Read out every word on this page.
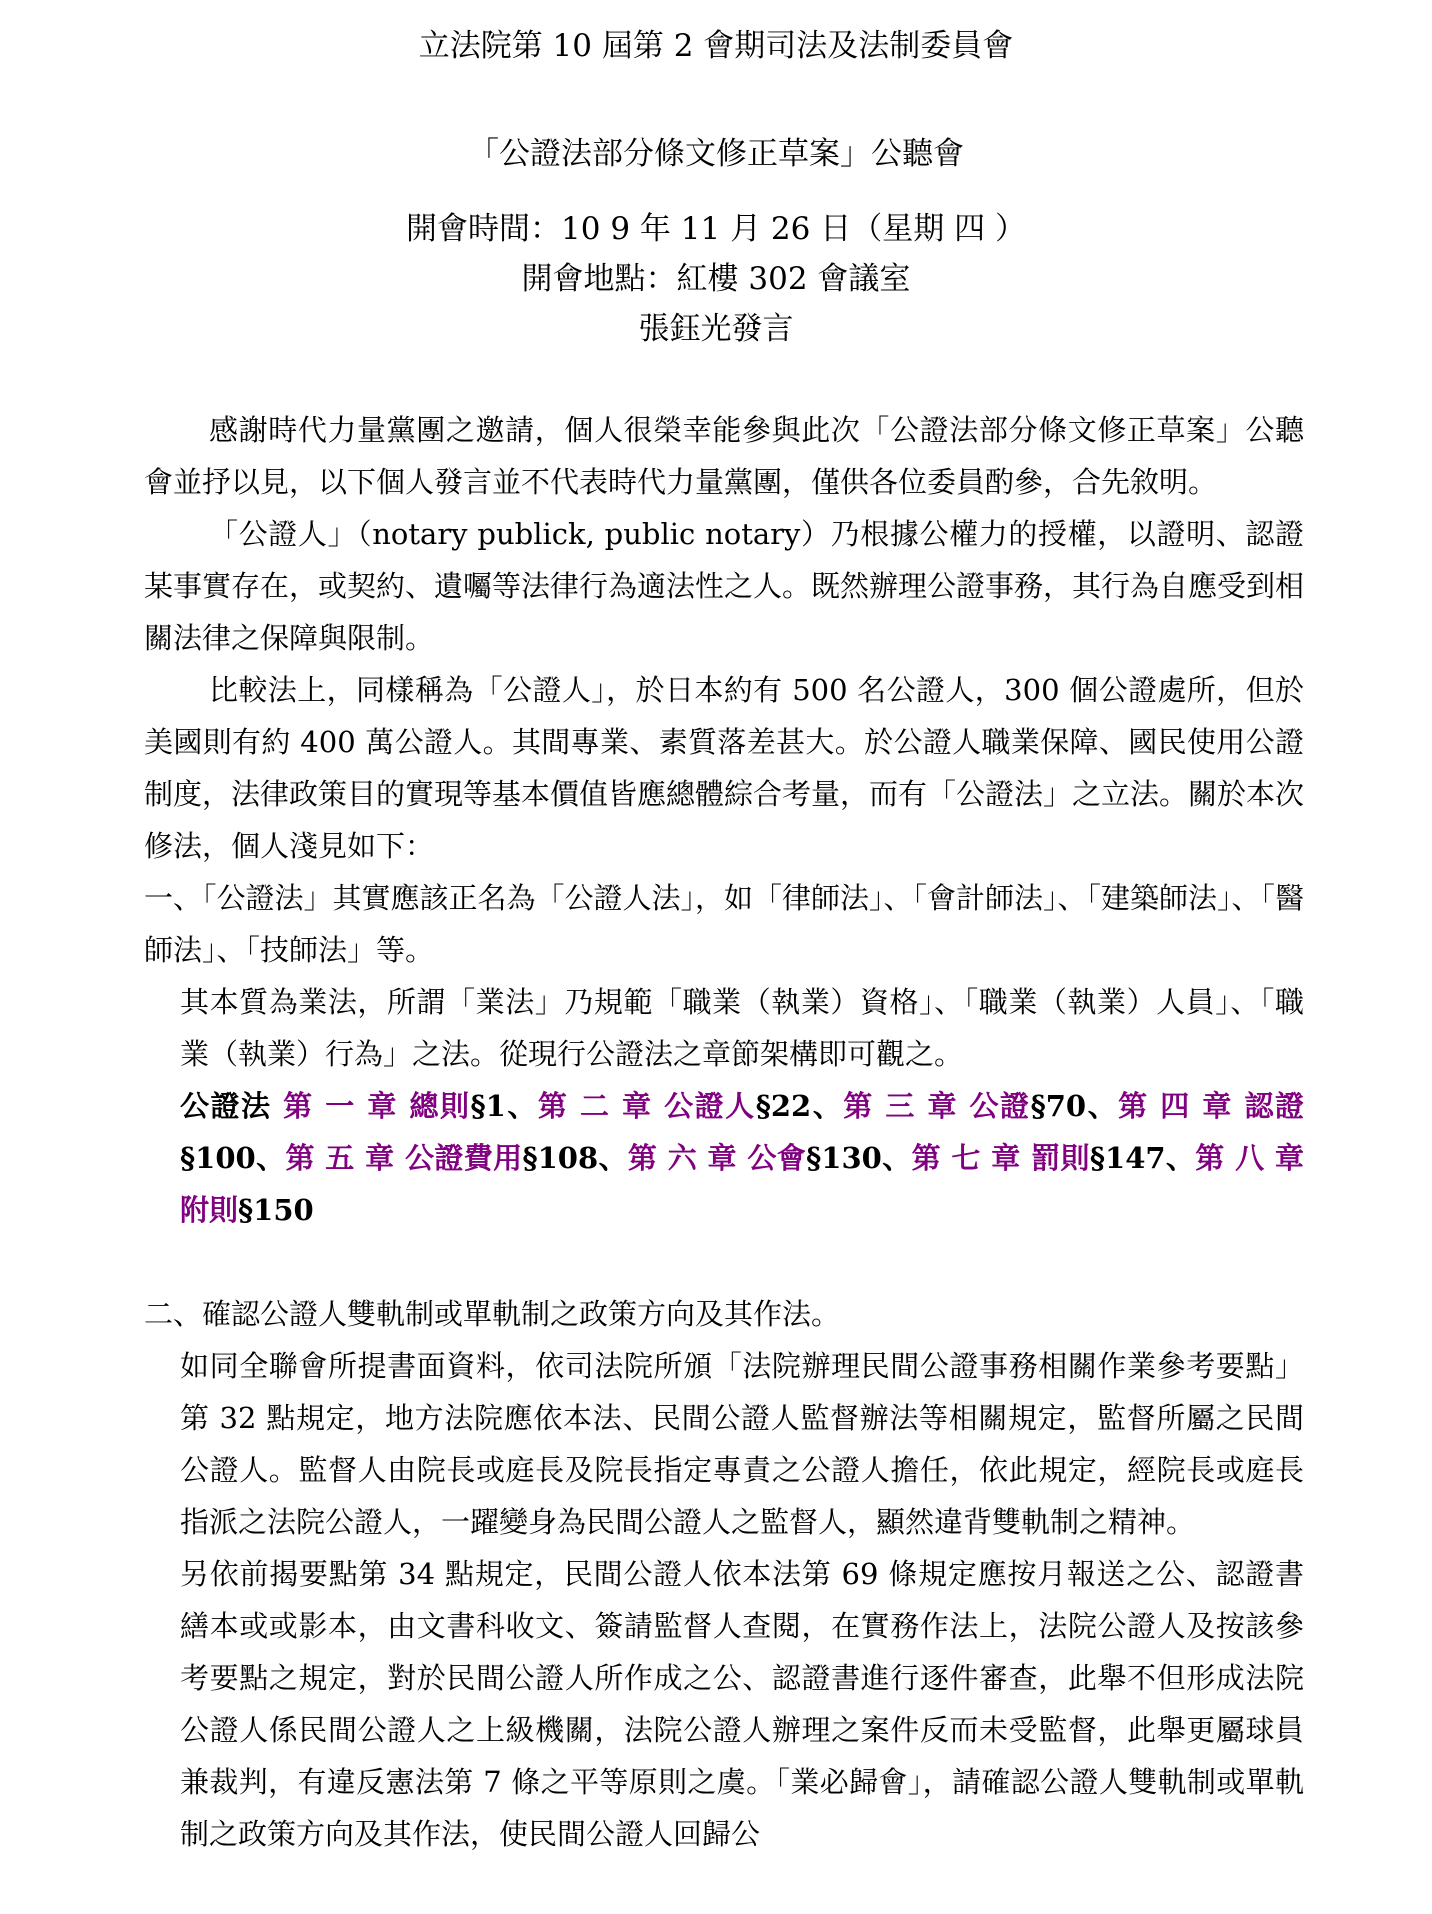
立法院第 10 屆第 2 會期司法及法制委員會
「公證法部分條文修正草案」公聽會
開會時間：10 9 年 11 月 26 日（星期 四 ）
開會地點：紅樓 302 會議室
張鈺光發言

感謝時代力量黨團之邀請，個人很榮幸能參與此次「公證法部分條文修正草案」公聽會並抒以見，以下個人發言並不代表時代力量黨團，僅供各位委員酌參，合先敘明。

「公證人」（notary publick, public notary）乃根據公權力的授權，以證明、認證某事實存在，或契約、遺囑等法律行為適法性之人。既然辦理公證事務，其行為自應受到相關法律之保障與限制。

比較法上，同樣稱為「公證人」，於日本約有 500 名公證人，300 個公證處所，但於美國則有約 400 萬公證人。其間專業、素質落差甚大。於公證人職業保障、國民使用公證制度，法律政策目的實現等基本價值皆應總體綜合考量，而有「公證法」之立法。關於本次修法，個人淺見如下：

一、「公證法」其實應該正名為「公證人法」，如「律師法」、「會計師法」、「建築師法」、「醫師法」、「技師法」等。

其本質為業法，所謂「業法」乃規範「職業（執業）資格」、「職業（執業）人員」、「職業（執業）行為」之法。從現行公證法之章節架構即可觀之。

公證法 第 一 章 總則§1、第 二 章 公證人§22、第 三 章 公證§70、第 四 章 認證§100、第 五 章 公證費用§108、第 六 章 公會§130、第 七 章 罰則§147、第 八 章 附則§150

二、確認公證人雙軌制或單軌制之政策方向及其作法。

如同全聯會所提書面資料，依司法院所頒「法院辦理民間公證事務相關作業參考要點」第 32 點規定，地方法院應依本法、民間公證人監督辦法等相關規定，監督所屬之民間公證人。監督人由院長或庭長及院長指定專責之公證人擔任，依此規定，經院長或庭長指派之法院公證人，一躍變身為民間公證人之監督人，顯然違背雙軌制之精神。

另依前揭要點第 34 點規定，民間公證人依本法第 69 條規定應按月報送之公、認證書繕本或或影本，由文書科收文、簽請監督人查閱，在實務作法上，法院公證人及按該參考要點之規定，對於民間公證人所作成之公、認證書進行逐件審查，此舉不但形成法院公證人係民間公證人之上級機關，法院公證人辦理之案件反而未受監督，此舉更屬球員兼裁判，有違反憲法第 7 條之平等原則之虞。「業必歸會」，請確認公證人雙軌制或單軌制之政策方向及其作法，使民間公證人回歸公
